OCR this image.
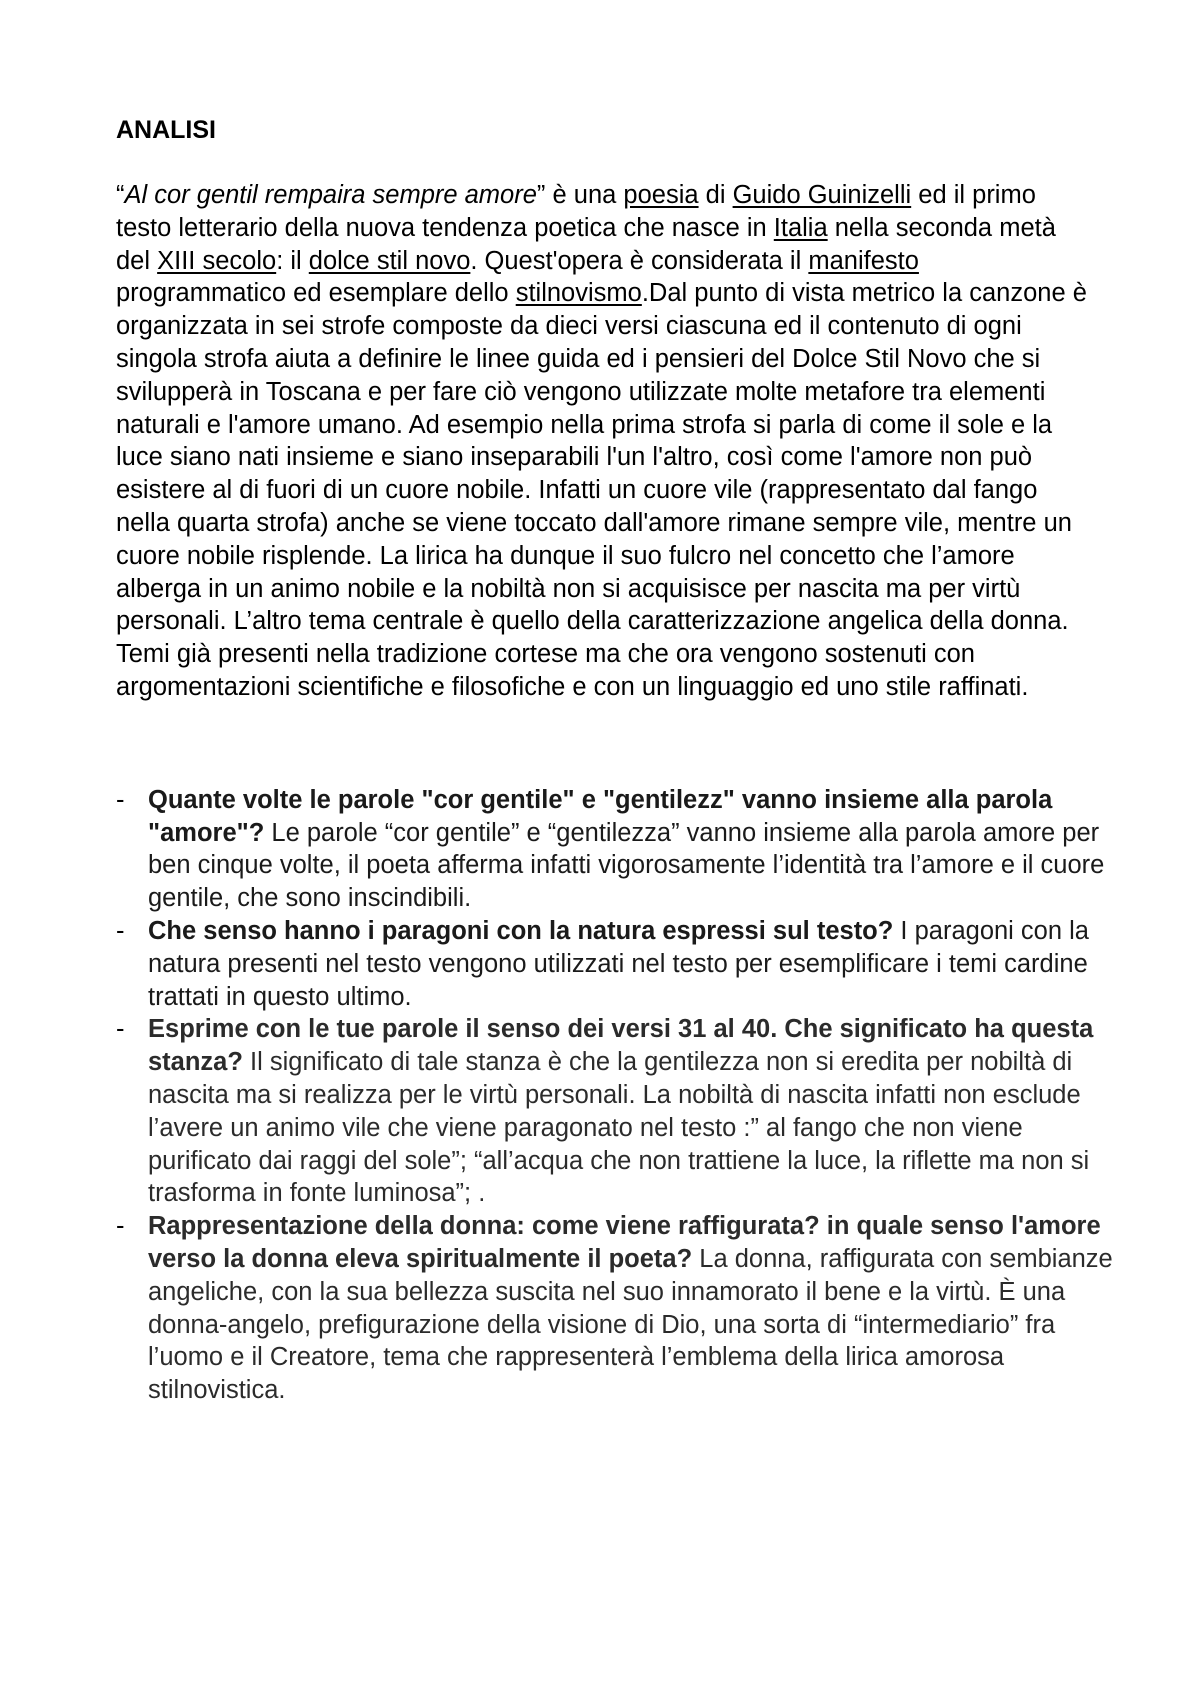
ANALISI

“Al cor gentil rempaira sempre amore” è una poesia di Guido Guinizelli ed il primo testo letterario della nuova tendenza poetica che nasce in Italia nella seconda metà del XIII secolo: il dolce stil novo. Quest'opera è considerata il manifesto programmatico ed esemplare dello stilnovismo.Dal punto di vista metrico la canzone è organizzata in sei strofe composte da dieci versi ciascuna ed il contenuto di ogni singola strofa aiuta a definire le linee guida ed i pensieri del Dolce Stil Novo che si svilupperà in Toscana e per fare ciò vengono utilizzate molte metafore tra elementi naturali e l'amore umano. Ad esempio nella prima strofa si parla di come il sole e la luce siano nati insieme e siano inseparabili l'un l'altro, così come l'amore non può esistere al di fuori di un cuore nobile. Infatti un cuore vile (rappresentato dal fango nella quarta strofa) anche se viene toccato dall'amore rimane sempre vile, mentre un cuore nobile risplende. La lirica ha dunque il suo fulcro nel concetto che l’amore alberga in un animo nobile e la nobiltà non si acquisisce per nascita ma per virtù personali. L’altro tema centrale è quello della caratterizzazione angelica della donna. Temi già presenti nella tradizione cortese ma che ora vengono sostenuti con argomentazioni scientifiche e filosofiche e con un linguaggio ed uno stile raffinati.

- Quante volte le parole "cor gentile" e "gentilezz" vanno insieme alla parola "amore"? Le parole “cor gentile” e “gentilezza” vanno insieme alla parola amore per ben cinque volte, il poeta afferma infatti vigorosamente l’identità tra l’amore e il cuore gentile, che sono inscindibili.
- Che senso hanno i paragoni con la natura espressi sul testo? I paragoni con la natura presenti nel testo vengono utilizzati nel testo per esemplificare i temi cardine trattati in questo ultimo.
- Esprime con le tue parole il senso dei versi 31 al 40. Che significato ha questa stanza? Il significato di tale stanza è che la gentilezza non si eredita per nobiltà di nascita ma si realizza per le virtù personali. La nobiltà di nascita infatti non esclude l’avere un animo vile che viene paragonato nel testo :” al fango che non viene purificato dai raggi del sole”; “all’acqua che non trattiene la luce, la riflette ma non si trasforma in fonte luminosa”; .
- Rappresentazione della donna: come viene raffigurata? in quale senso l'amore verso la donna eleva spiritualmente il poeta? La donna, raffigurata con sembianze angeliche, con la sua bellezza suscita nel suo innamorato il bene e la virtù. È una donna-angelo, prefigurazione della visione di Dio, una sorta di “intermediario” fra l’uomo e il Creatore, tema che rappresenterà l’emblema della lirica amorosa stilnovistica.
